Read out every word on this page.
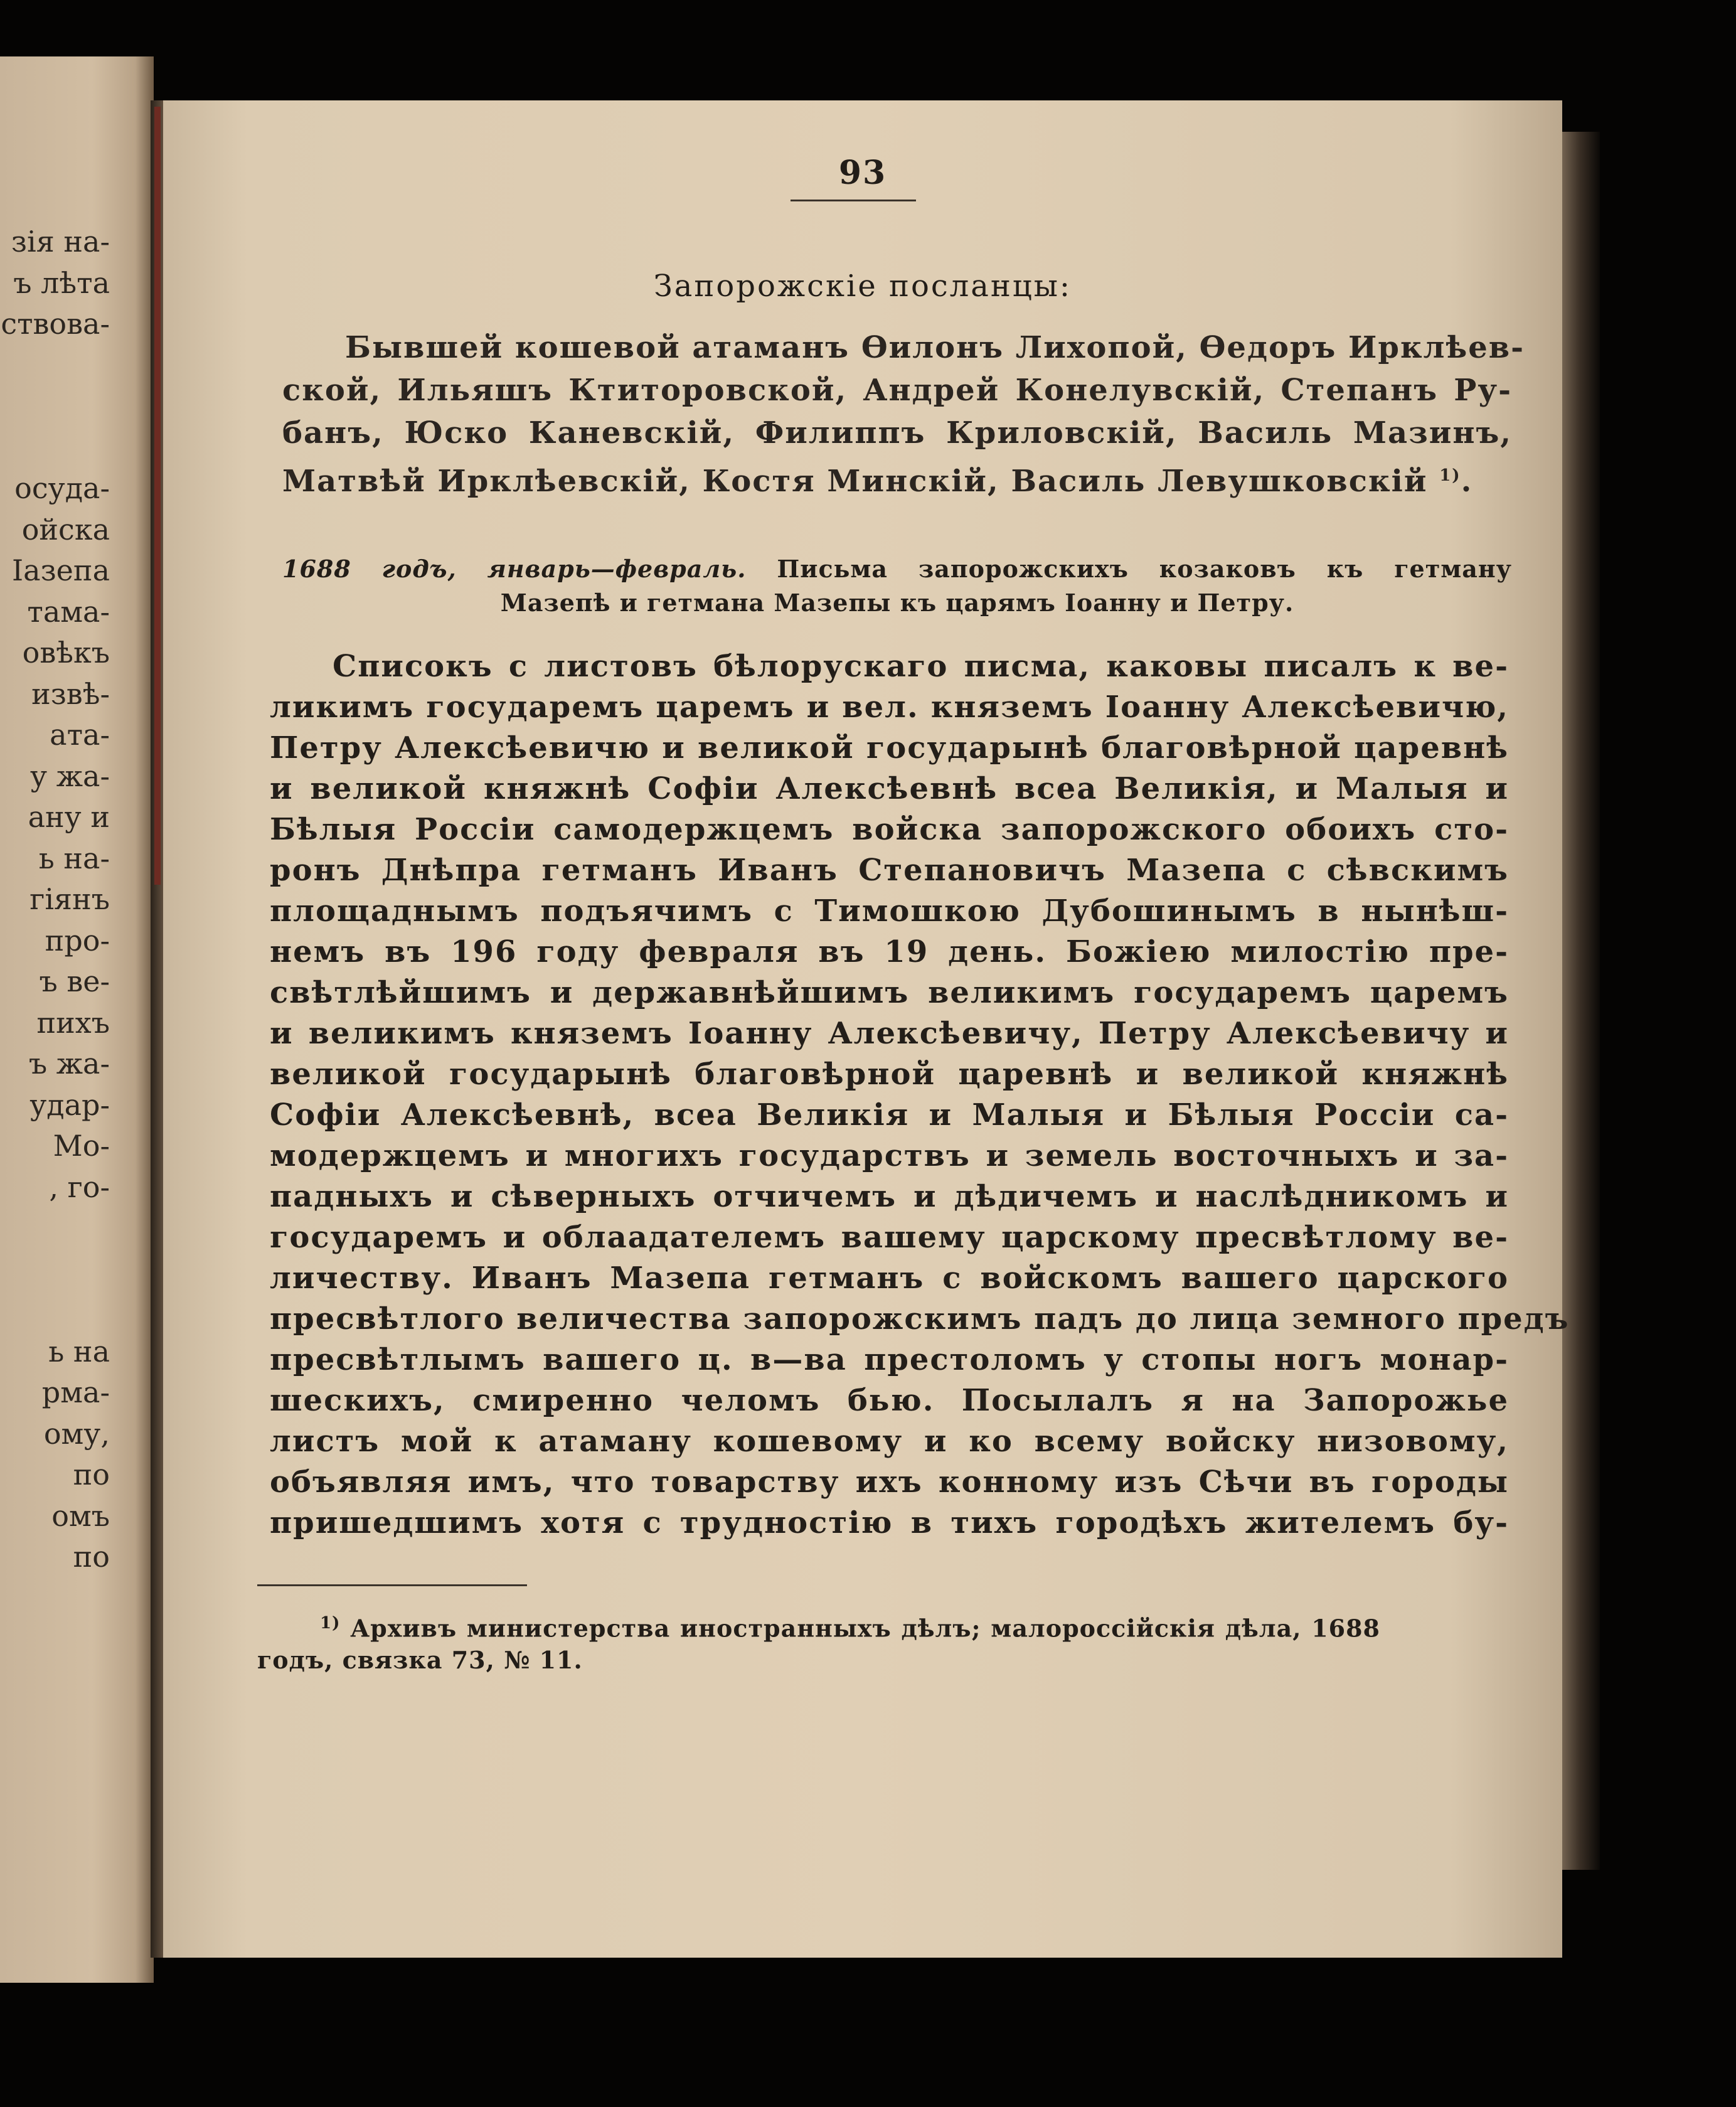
зія на-
ъ лѣта
ствова-
осуда-
ойска
Іазепа
тама-
овѣкъ
извѣ-
ата-
у жа-
ану и
ь на-
гіянъ
про-
ъ ве-
пихъ
ъ жа-
удар-
Мо-
, го-
ь на
рма-
ому,
по
омъ
по
93
Запорожскіе посланцы:
Бывшей кошевой атаманъ Ѳилонъ Лихопой, Ѳедоръ Ирклѣев-
ской, Ильяшъ Ктиторовской, Андрей Конелувскій, Степанъ Ру-
банъ, Юско Каневскій, Филиппъ Криловскій, Василь Мазинъ,
Матвѣй Ирклѣевскій, Костя Минскій, Василь Левушковскій $^{1)}$.
1688 годъ, январь—февраль. Письма запорожскихъ козаковъ къ гетману
Мазепѣ и гетмана Мазепы къ царямъ Іоанну и Петру.
Списокъ с листовъ бѣлорускаго писма, каковы писалъ к ве-
ликимъ государемъ царемъ и вел. княземъ Іоанну Алексѣевичю,
Петру Алексѣевичю и великой государынѣ благовѣрной царевнѣ
и великой княжнѣ Софіи Алексѣевнѣ всеа Великія, и Малыя и
Бѣлыя Россіи самодержцемъ войска запорожского обоихъ сто-
ронъ Днѣпра гетманъ Иванъ Степановичъ Мазепа с сѣвскимъ
площаднымъ подъячимъ с Тимошкою Дубошинымъ в нынѣш-
немъ въ 196 году февраля въ 19 день. Божіею милостію пре-
свѣтлѣйшимъ и державнѣйшимъ великимъ государемъ царемъ
и великимъ княземъ Іоанну Алексѣевичу, Петру Алексѣевичу и
великой государынѣ благовѣрной царевнѣ и великой княжнѣ
Софіи Алексѣевнѣ, всеа Великія и Малыя и Бѣлыя Россіи са-
модержцемъ и многихъ государствъ и земель восточныхъ и за-
падныхъ и сѣверныхъ отчичемъ и дѣдичемъ и наслѣдникомъ и
государемъ и облаадателемъ вашему царскому пресвѣтлому ве-
личеству. Иванъ Мазепа гетманъ с войскомъ вашего царского
пресвѣтлого величества запорожскимъ падъ до лица земного предъ
пресвѣтлымъ вашего ц. в—ва престоломъ у стопы ногъ монар-
шескихъ, смиренно челомъ бью. Посылалъ я на Запорожье
листъ мой к атаману кошевому и ко всему войску низовому,
объявляя имъ, что товарству ихъ конному изъ Сѣчи въ городы
пришедшимъ хотя с трудностію в тихъ городѣхъ жителемъ бу-
$^{1)}$ Архивъ министерства иностранныхъ дѣлъ; малороссійскія дѣла, 1688
годъ, связка 73, № 11.
